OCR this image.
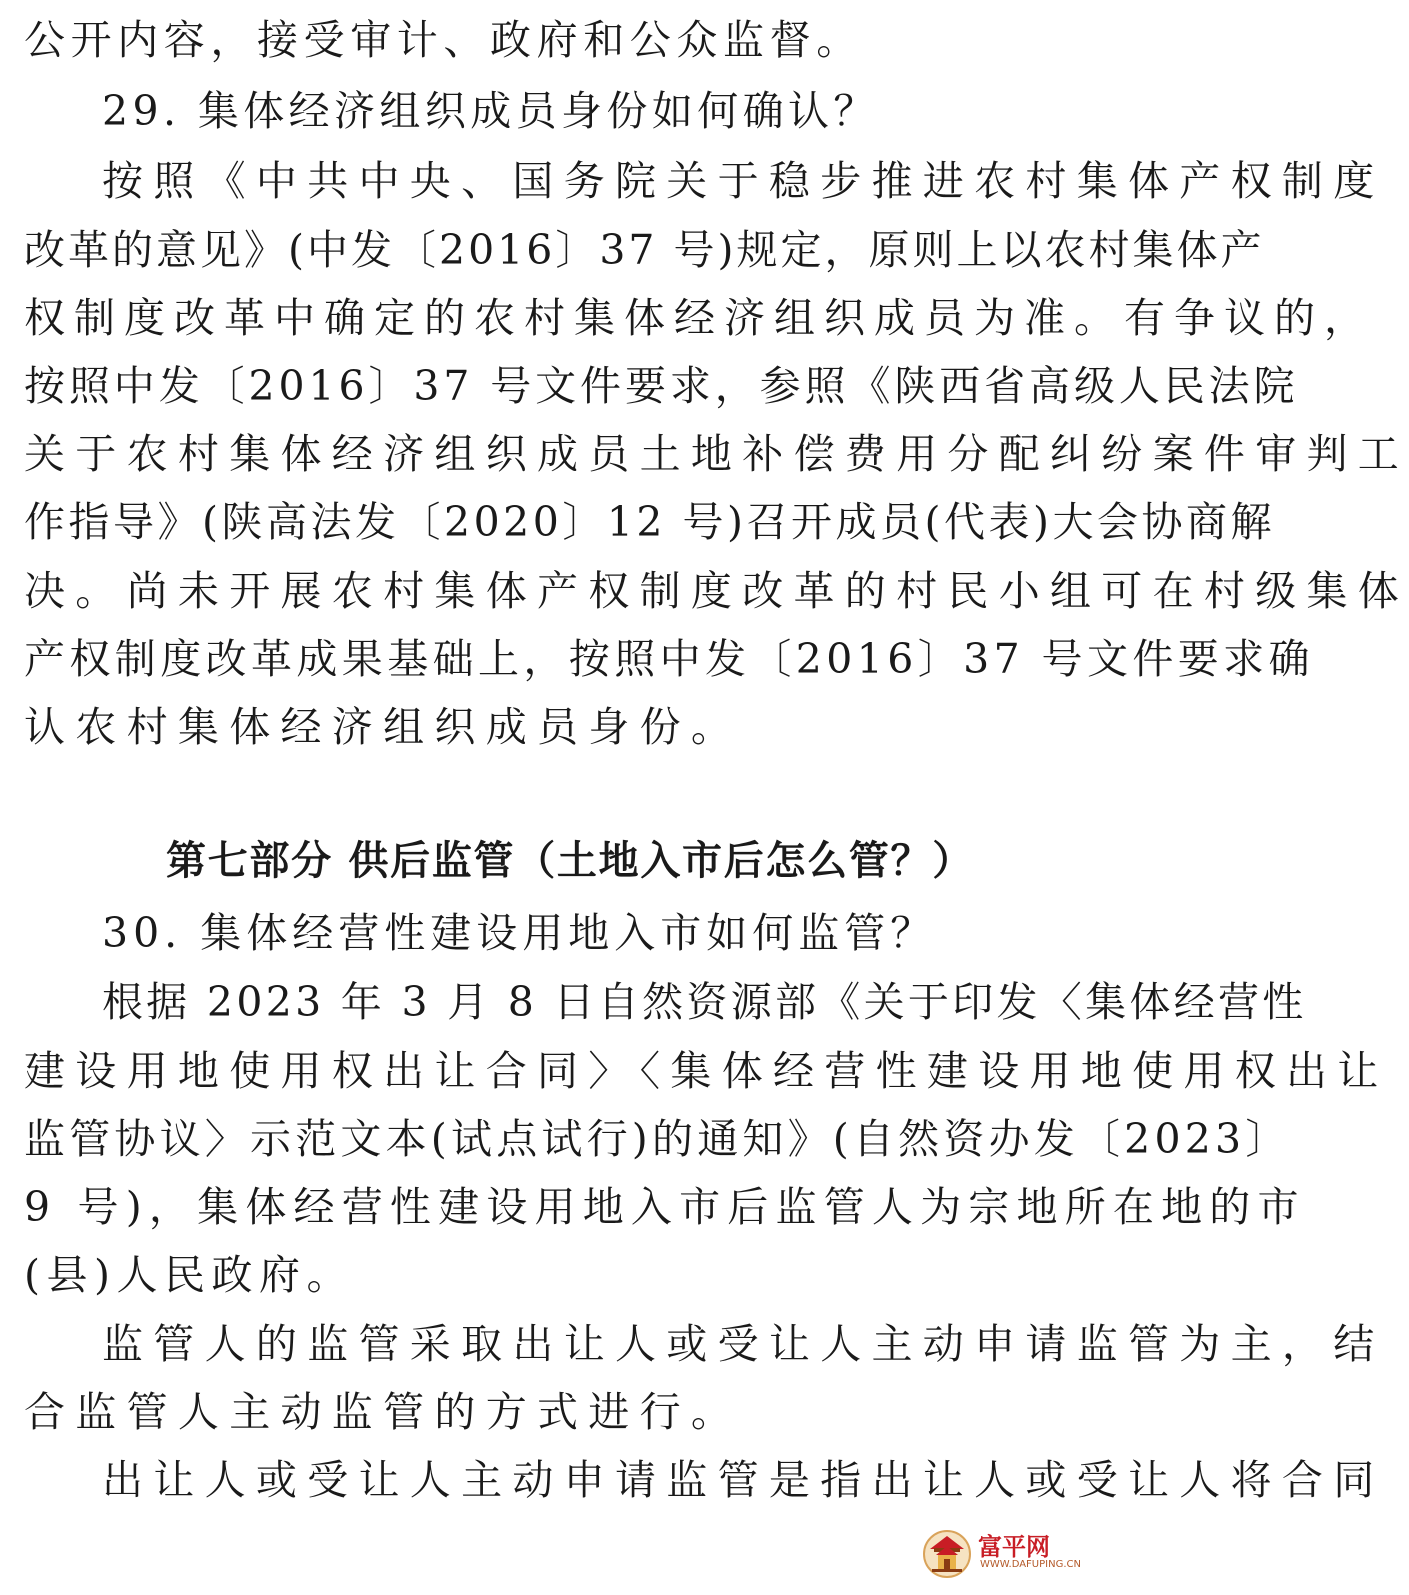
公开内容，接受审计、政府和公众监督。
29. 集体经济组织成员身份如何确认？
按照《中共中央、国务院关于稳步推进农村集体产权制度
改革的意见》(中发〔2016〕37 号)规定，原则上以农村集体产
权制度改革中确定的农村集体经济组织成员为准。有争议的，
按照中发〔2016〕37 号文件要求，参照《陕西省高级人民法院
关于农村集体经济组织成员土地补偿费用分配纠纷案件审判工
作指导》(陕高法发〔2020〕12 号)召开成员(代表)大会协商解
决。尚未开展农村集体产权制度改革的村民小组可在村级集体
产权制度改革成果基础上，按照中发〔2016〕37 号文件要求确
认农村集体经济组织成员身份。
第七部分 供后监管（土地入市后怎么管？）
30. 集体经营性建设用地入市如何监管？
根据 2023 年 3 月 8 日自然资源部《关于印发〈集体经营性
建设用地使用权出让合同〉〈集体经营性建设用地使用权出让
监管协议〉示范文本(试点试行)的通知》(自然资办发〔2023〕
9 号)，集体经营性建设用地入市后监管人为宗地所在地的市
(县)人民政府。
监管人的监管采取出让人或受让人主动申请监管为主，结
合监管人主动监管的方式进行。
出让人或受让人主动申请监管是指出让人或受让人将合同
富平网
WWW.DAFUPING.CN
